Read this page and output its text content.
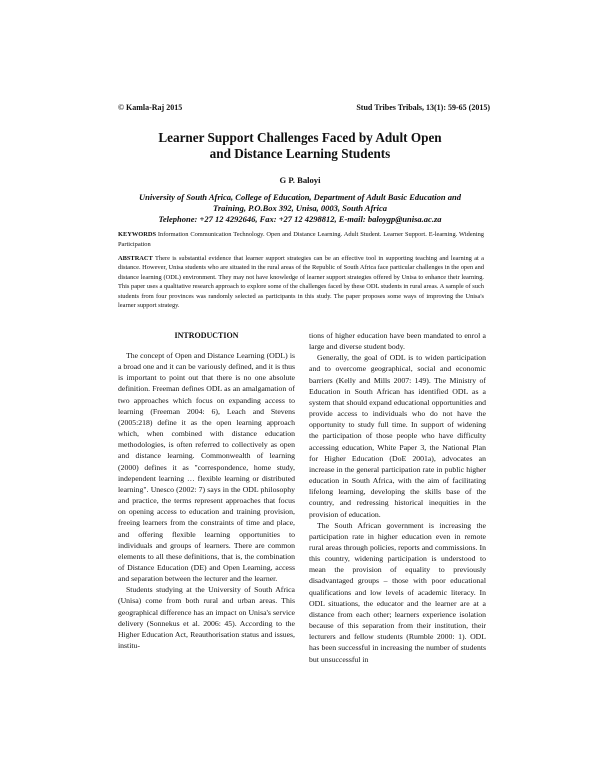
© Kamla-Raj 2015	Stud Tribes Tribals, 13(1): 59-65 (2015)
Learner Support Challenges Faced by Adult Open
and Distance Learning Students
G P. Baloyi
University of South Africa, College of Education, Department of Adult Basic Education and
Training, P.O.Box 392, Unisa, 0003, South Africa
Telephone: +27 12 4292646, Fax: +27 12 4298812, E-mail: baloygp@unisa.ac.za

KEYWORDS Information Communication Technology. Open and Distance Learning. Adult Student. Learner Support. E-learning. Widening Participation

ABSTRACT There is substantial evidence that learner support strategies can be an effective tool in supporting teaching and learning at a distance. However, Unisa students who are situated in the rural areas of the Republic of South Africa face particular challenges in the open and distance learning (ODL) environment. They may not have knowledge of learner support strategies offered by Unisa to enhance their learning. This paper uses a qualitative research approach to explore some of the challenges faced by these ODL students in rural areas. A sample of such students from four provinces was randomly selected as participants in this study. The paper proposes some ways of improving the Unisa's learner support strategy.

INTRODUCTION

The concept of Open and Distance Learning (ODL) is a broad one and it can be variously defined, and it is thus is important to point out that there is no one absolute definition. Freeman defines ODL as an amalgamation of two approaches which focus on expanding access to learning (Freeman 2004: 6), Leach and Stevens (2005:218) define it as the open learning approach which, when combined with distance education methodologies, is often referred to collectively as open and distance learning. Commonwealth of learning (2000) defines it as "correspondence, home study, independent learning … flexible learning or distributed learning". Unesco (2002: 7) says in the ODL philosophy and practice, the terms represent approaches that focus on opening access to education and training provision, freeing learners from the constraints of time and place, and offering flexible learning opportunities to individuals and groups of learners. There are common elements to all these definitions, that is, the combination of Distance Education (DE) and Open Learning, access and separation between the lecturer and the learner.

Students studying at the University of South Africa (Unisa) come from both rural and urban areas. This geographical difference has an impact on Unisa's service delivery (Sonnekus et al. 2006: 45). According to the Higher Education Act, Reauthorisation status and issues, institu-

tions of higher education have been mandated to enrol a large and diverse student body.

Generally, the goal of ODL is to widen participation and to overcome geographical, social and economic barriers (Kelly and Mills 2007: 149). The Ministry of Education in South African has identified ODL as a system that should expand educational opportunities and provide access to individuals who do not have the opportunity to study full time. In support of widening the participation of those people who have difficulty accessing education, White Paper 3, the National Plan for Higher Education (DoE 2001a), advocates an increase in the general participation rate in public higher education in South Africa, with the aim of facilitating lifelong learning, developing the skills base of the country, and redressing historical inequities in the provision of education.

The South African government is increasing the participation rate in higher education even in remote rural areas through policies, reports and commissions. In this country, widening participation is understood to mean the provision of equality to previously disadvantaged groups – those with poor educational qualifications and low levels of academic literacy. In ODL situations, the educator and the learner are at a distance from each other; learners experience isolation because of this separation from their institution, their lecturers and fellow students (Rumble 2000: 1). ODL has been successful in increasing the number of students but unsuccessful in
